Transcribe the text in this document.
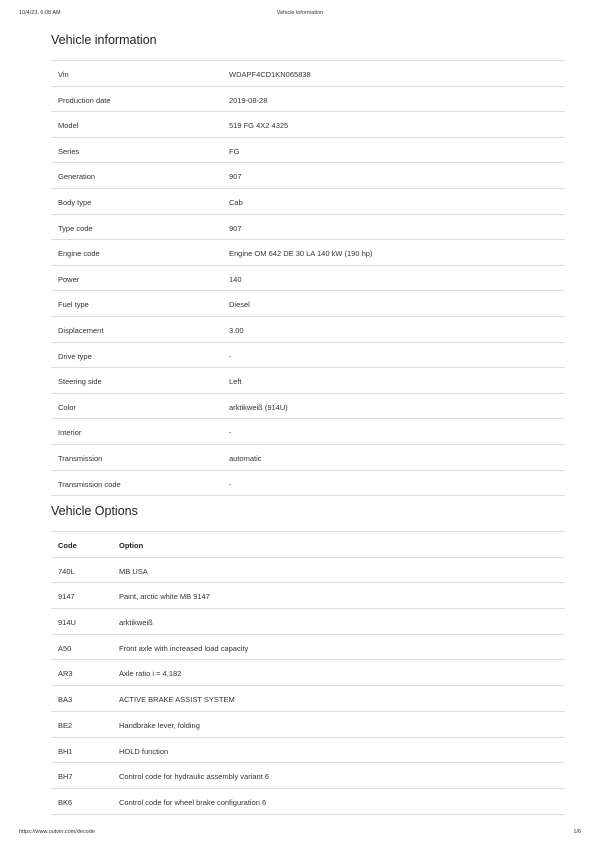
10/4/23, 6:08 AM	Vehicle information
Vehicle information
Vin	WDAPF4CD1KN065838
Production date	2019-08-28
Model	519 FG 4X2 4325
Series	FG
Generation	907
Body type	Cab
Type code	907
Engine code	Engine OM 642 DE 30 LA 140 kW (190 hp)
Power	140
Fuel type	Diesel
Displacement	3.00
Drive type	-
Steering side	Left
Color	arktikweiß (914U)
Interior	-
Transmission	automatic
Transmission code	-
Vehicle Options
Code	Option
740L	MB USA
9147	Paint, arctic white MB 9147
914U	arktikweiß
A50	Front axle with increased load capacity
AR3	Axle ratio i = 4,182
BA3	ACTIVE BRAKE ASSIST SYSTEM
BE2	Handbrake lever, folding
BH1	HOLD function
BH7	Control code for hydraulic assembly variant 6
BK6	Control code for wheel brake configuration 6
https://www.outvin.com/decode	1/6
